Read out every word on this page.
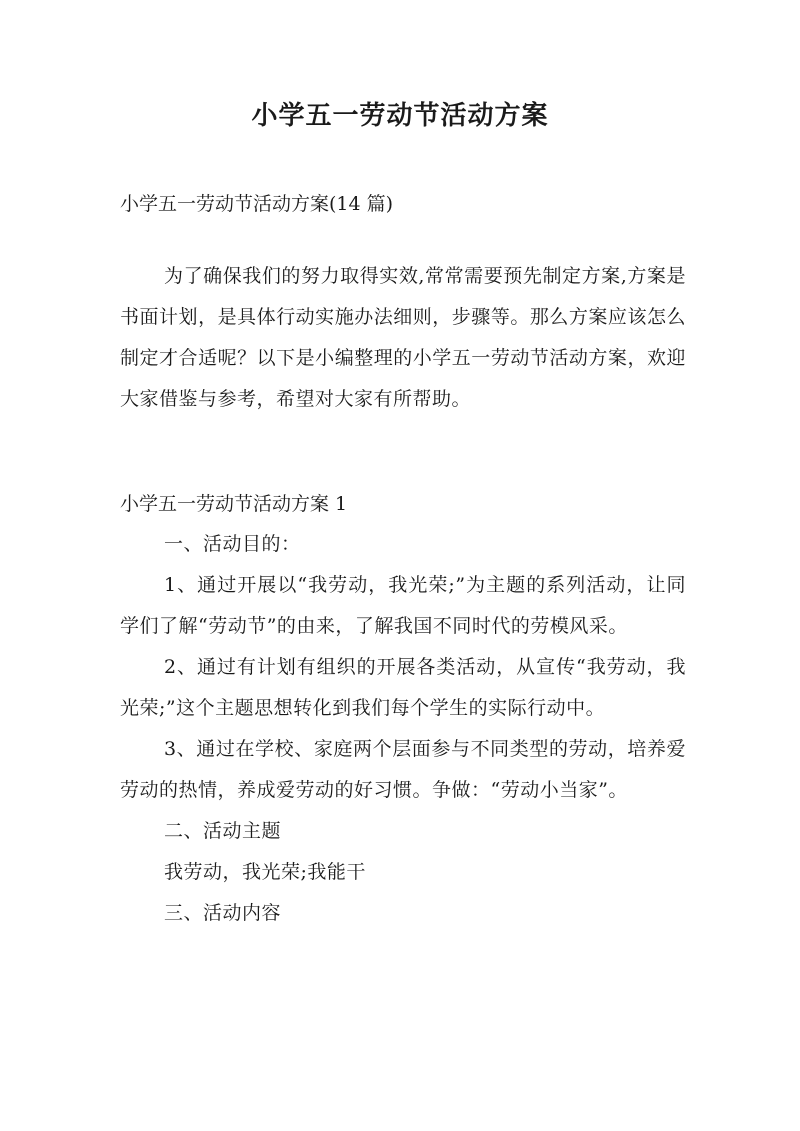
小学五一劳动节活动方案

小学五一劳动节活动方案(14 篇)

为了确保我们的努力取得实效,常常需要预先制定方案,方案是书面计划，是具体行动实施办法细则，步骤等。那么方案应该怎么制定才合适呢？以下是小编整理的小学五一劳动节活动方案，欢迎大家借鉴与参考，希望对大家有所帮助。

小学五一劳动节活动方案 1

一、活动目的：

1、通过开展以“我劳动，我光荣;”为主题的系列活动，让同学们了解“劳动节”的由来，了解我国不同时代的劳模风采。

2、通过有计划有组织的开展各类活动，从宣传“我劳动，我光荣;”这个主题思想转化到我们每个学生的实际行动中。

3、通过在学校、家庭两个层面参与不同类型的劳动，培养爱劳动的热情，养成爱劳动的好习惯。争做：“劳动小当家”。

二、活动主题

我劳动，我光荣;我能干

三、活动内容
